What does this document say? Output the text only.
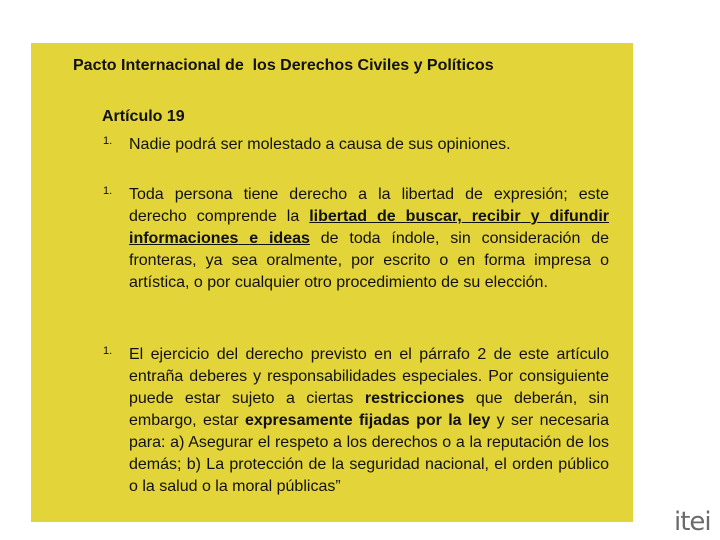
Pacto Internacional de  los Derechos Civiles y Políticos
Artículo 19
1. Nadie podrá ser molestado a causa de sus opiniones.
1. Toda persona tiene derecho a la libertad de expresión; este derecho comprende la libertad de buscar, recibir y difundir informaciones e ideas de toda índole, sin consideración de fronteras, ya sea oralmente, por escrito o en forma impresa o artística, o por cualquier otro procedimiento de su elección.
1. El ejercicio del derecho previsto en el párrafo 2 de este artículo entraña deberes y responsabilidades especiales. Por consiguiente puede estar sujeto a ciertas restricciones que deberán, sin embargo, estar expresamente fijadas por la ley y ser necesaria para: a) Asegurar el respeto a los derechos o a la reputación de los demás; b) La protección de la seguridad nacional, el orden público o la salud o la moral públicas”
itei
